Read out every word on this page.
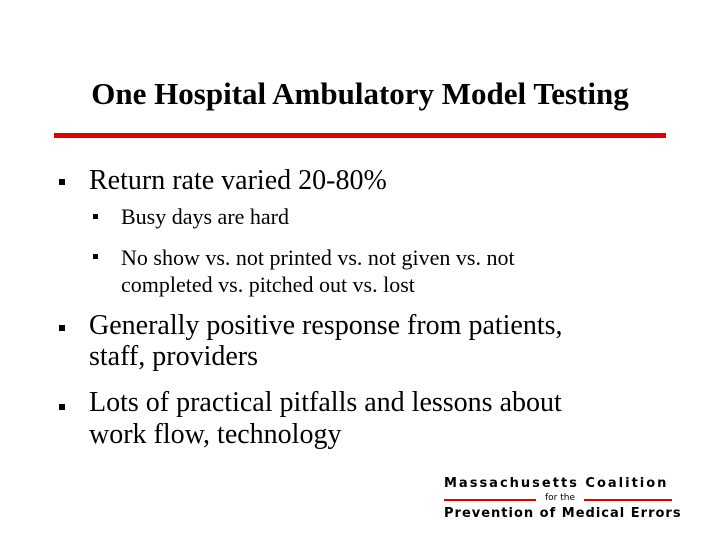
One Hospital Ambulatory Model Testing
Return rate varied 20-80%
Busy days are hard
No show vs. not printed vs. not given vs. not
completed vs. pitched out vs. lost
Generally positive response from patients,
staff, providers
Lots of practical pitfalls and lessons about
work flow, technology
Massachusetts Coalition
for the
Prevention of Medical Errors
